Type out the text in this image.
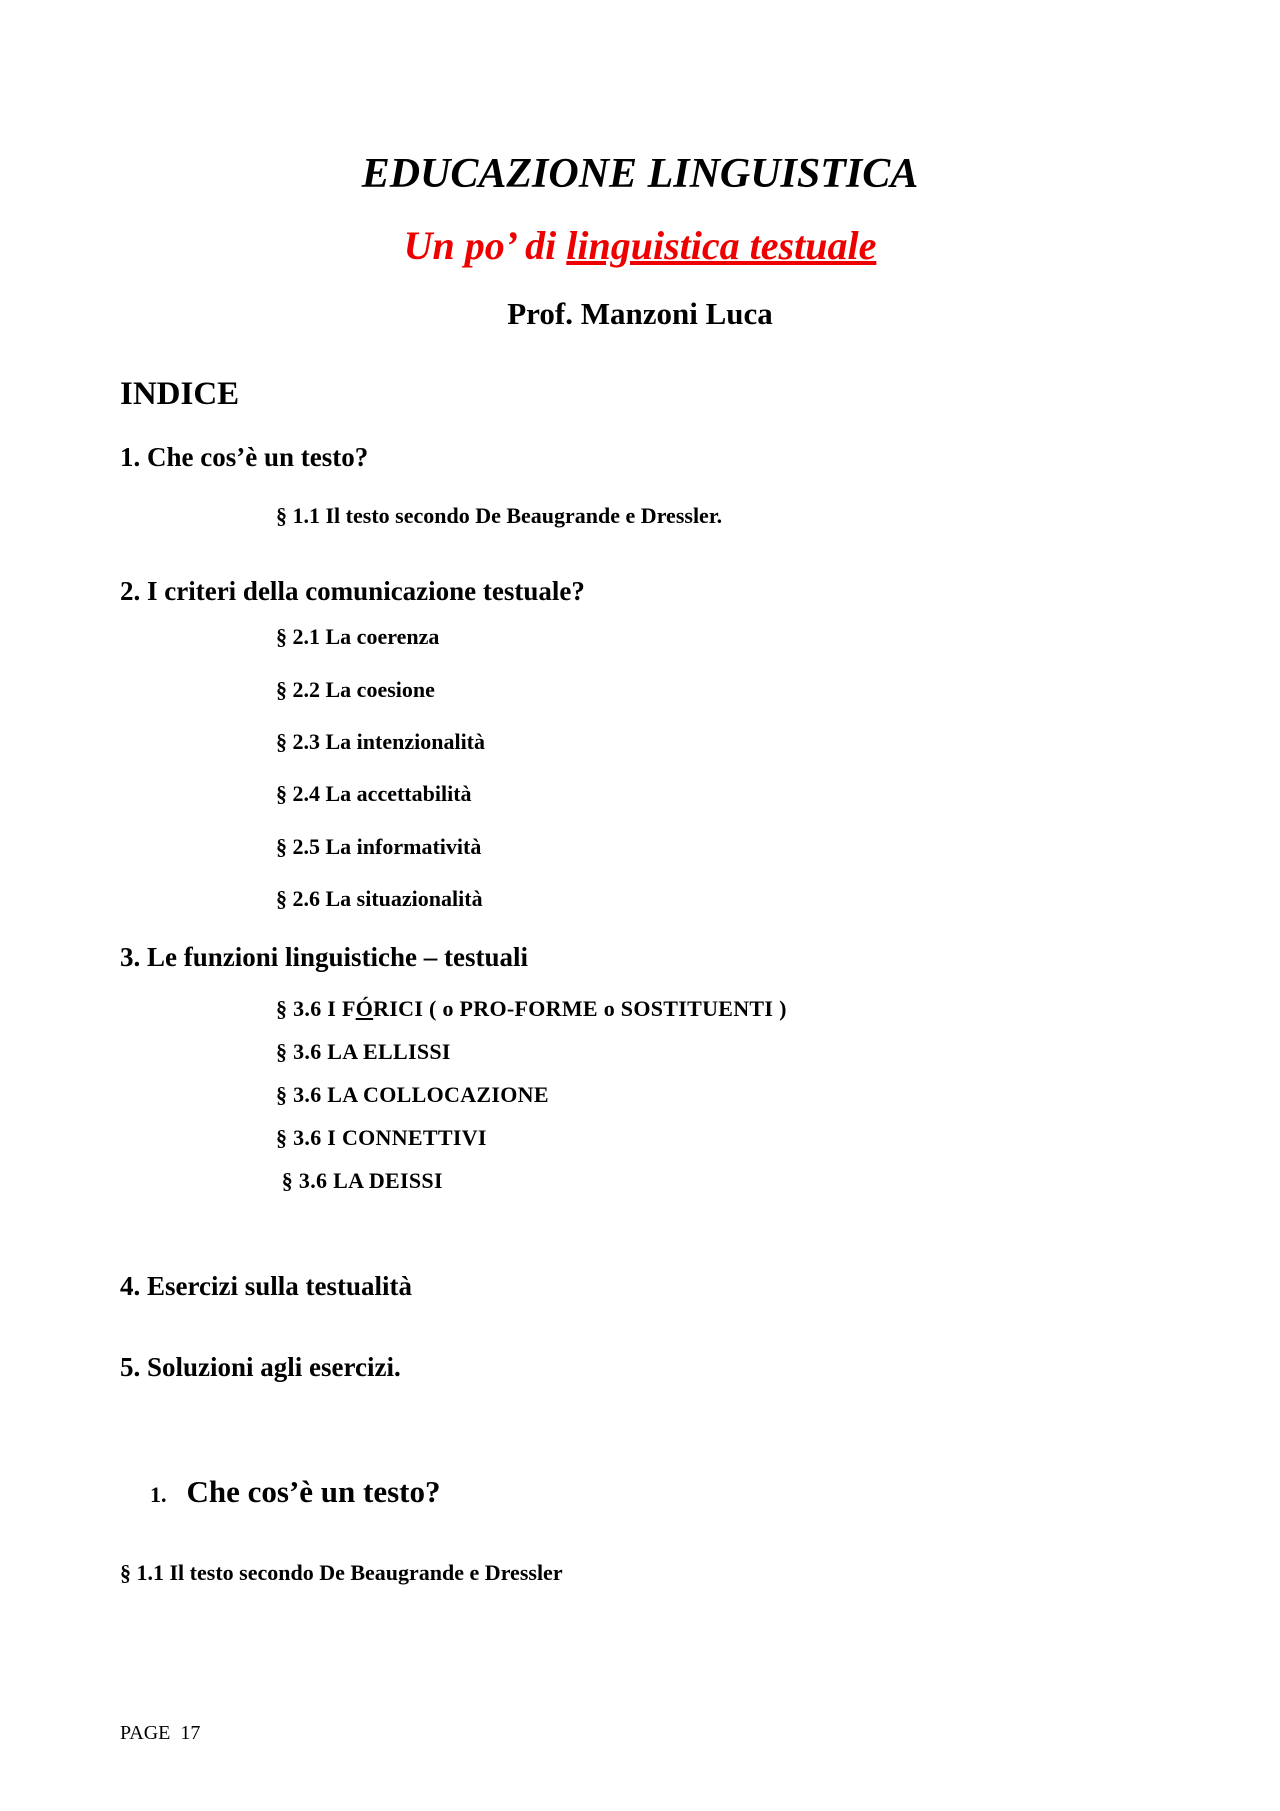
EDUCAZIONE LINGUISTICA
Un po’ di linguistica testuale
Prof. Manzoni Luca
INDICE
1. Che cos’è un testo?
§ 1.1 Il testo secondo De Beaugrande e Dressler.
2. I criteri della comunicazione testuale?
§ 2.1 La coerenza
§ 2.2 La coesione
§ 2.3 La intenzionalità
§ 2.4 La accettabilità
§ 2.5 La informatività
§ 2.6 La situazionalità
3. Le funzioni linguistiche – testuali
§ 3.6 I FÓRICI ( o PRO-FORME o SOSTITUENTI )
§ 3.6 LA ELLISSI
§ 3.6 LA COLLOCAZIONE
§ 3.6 I CONNETTIVI
§ 3.6 LA DEISSI
4. Esercizi sulla testualità
5. Soluzioni agli esercizi.
1. Che cos’è un testo?
§ 1.1 Il testo secondo De Beaugrande e Dressler
PAGE  17
